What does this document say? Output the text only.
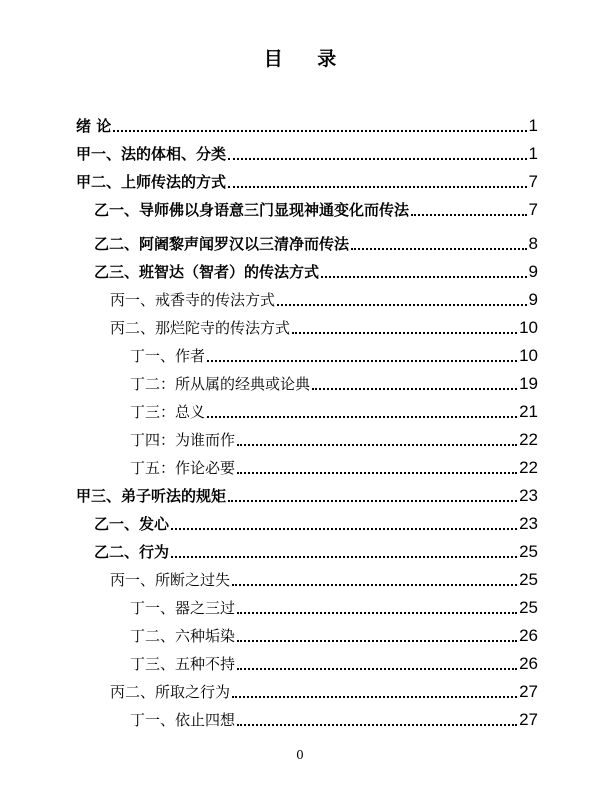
目 录
绪 论	1
甲一、法的体相、分类	1
甲二、上师传法的方式	7
乙一、导师佛以身语意三门显现神通变化而传法	7
乙二、阿阇黎声闻罗汉以三清净而传法	8
乙三、班智达（智者）的传法方式	9
丙一、戒香寺的传法方式	9
丙二、那烂陀寺的传法方式	10
丁一、作者	10
丁二：所从属的经典或论典	19
丁三：总义	21
丁四：为谁而作	22
丁五：作论必要	22
甲三、弟子听法的规矩	23
乙一、发心	23
乙二、行为	25
丙一、所断之过失	25
丁一、器之三过	25
丁二、六种垢染	26
丁三、五种不持	26
丙二、所取之行为	27
丁一、依止四想	27
0
